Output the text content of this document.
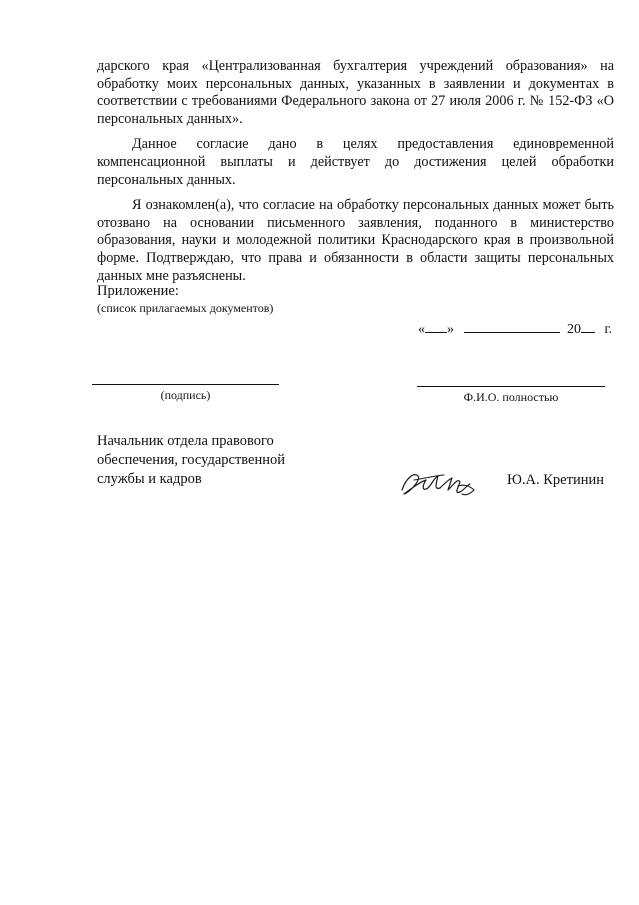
дарского края «Централизованная бухгалтерия учреждений образования» на обработку моих персональных данных, указанных в заявлении и документах в соответствии с требованиями Федерального закона от 27 июля 2006 г. № 152-ФЗ «О персональных данных».

Данное согласие дано в целях предоставления единовременной компенсационной выплаты и действует до достижения целей обработки персональных данных.

Я ознакомлен(а), что согласие на обработку персональных данных может быть отозвано на основании письменного заявления, поданного в министерство образования, науки и молодежной политики Краснодарского края в произвольной форме. Подтверждаю, что права и обязанности в области защиты персональных данных мне разъяснены.

Приложение:
(список прилагаемых документов)
« »	20 г.
(подпись)	Ф.И.О. полностью
Начальник отдела правового
обеспечения, государственной
службы и кадров	Ю.А. Кретинин
